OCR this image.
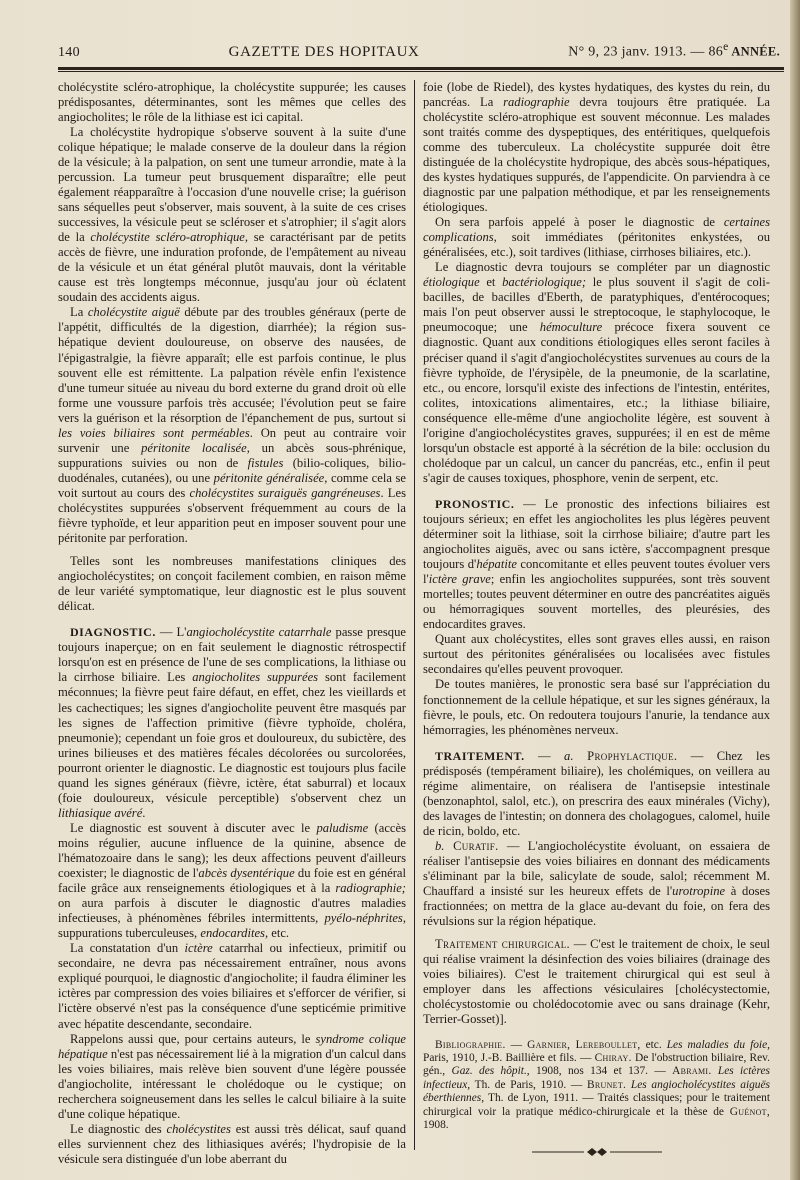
140	GAZETTE DES HOPITAUX	N° 9, 23 janv. 1913. — 86e ANNÉE.

cholécystite scléro-atrophique, la cholécystite suppurée; les causes prédisposantes, déterminantes, sont les mêmes que celles des angiocholites; le rôle de la lithiase est ici capital.

La cholécystite hydropique s'observe souvent à la suite d'une colique hépatique; le malade conserve de la douleur dans la région de la vésicule; à la palpation, on sent une tumeur arrondie, mate à la percussion. La tumeur peut brusquement disparaître; elle peut également réapparaître à l'occasion d'une nouvelle crise; la guérison sans séquelles peut s'observer, mais souvent, à la suite de ces crises successives, la vésicule peut se scléroser et s'atrophier; il s'agit alors de la cholécystite scléro-atrophique, se caractérisant par de petits accès de fièvre, une induration profonde, de l'empâtement au niveau de la vésicule et un état général plutôt mauvais, dont la véritable cause est très longtemps méconnue, jusqu'au jour où éclatent soudain des accidents aigus.

La cholécystite aiguë débute par des troubles généraux (perte de l'appétit, difficultés de la digestion, diarrhée); la région sus-hépatique devient douloureuse, on observe des nausées, de l'épigastralgie, la fièvre apparaît; elle est parfois continue, le plus souvent elle est rémittente. La palpation révèle enfin l'existence d'une tumeur située au niveau du bord externe du grand droit où elle forme une voussure parfois très accusée; l'évolution peut se faire vers la guérison et la résorption de l'épanchement de pus, surtout si les voies biliaires sont perméables. On peut au contraire voir survenir une péritonite localisée, un abcès sous-phrénique, suppurations suivies ou non de fistules (bilio-coliques, bilio-duodénales, cutanées), ou une péritonite généralisée, comme cela se voit surtout au cours des cholécystites suraiguës gangréneuses. Les cholécystites suppurées s'observent fréquemment au cours de la fièvre typhoïde, et leur apparition peut en imposer souvent pour une péritonite par perforation.

Telles sont les nombreuses manifestations cliniques des angiocholécystites; on conçoit facilement combien, en raison même de leur variété symptomatique, leur diagnostic est le plus souvent délicat.

DIAGNOSTIC. — L'angiocholécystite catarrhale passe presque toujours inaperçue; on en fait seulement le diagnostic rétrospectif lorsqu'on est en présence de l'une de ses complications, la lithiase ou la cirrhose biliaire. Les angiocholites suppurées sont facilement méconnues; la fièvre peut faire défaut, en effet, chez les vieillards et les cachectiques; les signes d'angiocholite peuvent être masqués par les signes de l'affection primitive (fièvre typhoïde, choléra, pneumonie); cependant un foie gros et douloureux, du subictère, des urines bilieuses et des matières fécales décolorées ou surcolorées, pourront orienter le diagnostic. Le diagnostic est toujours plus facile quand les signes généraux (fièvre, ictère, état saburral) et locaux (foie douloureux, vésicule perceptible) s'observent chez un lithiasique avéré.

Le diagnostic est souvent à discuter avec le paludisme (accès moins régulier, aucune influence de la quinine, absence de l'hématozoaire dans le sang); les deux affections peuvent d'ailleurs coexister; le diagnostic de l'abcès dysentérique du foie est en général facile grâce aux renseignements étiologiques et à la radiographie; on aura parfois à discuter le diagnostic d'autres maladies infectieuses, à phénomènes fébriles intermittents, pyélo-néphrites, suppurations tuberculeuses, endocardites, etc.

La constatation d'un ictère catarrhal ou infectieux, primitif ou secondaire, ne devra pas nécessairement entraîner, nous avons expliqué pourquoi, le diagnostic d'angiocholite; il faudra éliminer les ictères par compression des voies biliaires et s'efforcer de vérifier, si l'ictère observé n'est pas la conséquence d'une septicémie primitive avec hépatite descendante, secondaire.

Rappelons aussi que, pour certains auteurs, le syndrome colique hépatique n'est pas nécessairement lié à la migration d'un calcul dans les voies biliaires, mais relève bien souvent d'une légère poussée d'angiocholite, intéressant le cholédoque ou le cystique; on recherchera soigneusement dans les selles le calcul biliaire à la suite d'une colique hépatique.

Le diagnostic des cholécystites est aussi très délicat, sauf quand elles surviennent chez des lithiasiques avérés; l'hydropisie de la vésicule sera distinguée d'un lobe aberrant du

foie (lobe de Riedel), des kystes hydatiques, des kystes du rein, du pancréas. La radiographie devra toujours être pratiquée. La cholécystite scléro-atrophique est souvent méconnue. Les malades sont traités comme des dyspeptiques, des entéritiques, quelquefois comme des tuberculeux. La cholécystite suppurée doit être distinguée de la cholécystite hydropique, des abcès sous-hépatiques, des kystes hydatiques suppurés, de l'appendicite. On parviendra à ce diagnostic par une palpation méthodique, et par les renseignements étiologiques.

On sera parfois appelé à poser le diagnostic de certaines complications, soit immédiates (péritonites enkystées, ou généralisées, etc.), soit tardives (lithiase, cirrhoses biliaires, etc.).

Le diagnostic devra toujours se compléter par un diagnostic étiologique et bactériologique; le plus souvent il s'agit de coli-bacilles, de bacilles d'Eberth, de paratyphiques, d'entérocoques; mais l'on peut observer aussi le streptocoque, le staphylocoque, le pneumocoque; une hémoculture précoce fixera souvent ce diagnostic. Quant aux conditions étiologiques elles seront faciles à préciser quand il s'agit d'angiocholécystites survenues au cours de la fièvre typhoïde, de l'érysipèle, de la pneumonie, de la scarlatine, etc., ou encore, lorsqu'il existe des infections de l'intestin, entérites, colites, intoxications alimentaires, etc.; la lithiase biliaire, conséquence elle-même d'une angiocholite légère, est souvent à l'origine d'angiocholécystites graves, suppurées; il en est de même lorsqu'un obstacle est apporté à la sécrétion de la bile: occlusion du cholédoque par un calcul, un cancer du pancréas, etc., enfin il peut s'agir de causes toxiques, phosphore, venin de serpent, etc.

PRONOSTIC. — Le pronostic des infections biliaires est toujours sérieux; en effet les angiocholites les plus légères peuvent déterminer soit la lithiase, soit la cirrhose biliaire; d'autre part les angiocholites aiguës, avec ou sans ictère, s'accompagnent presque toujours d'hépatite concomitante et elles peuvent toutes évoluer vers l'ictère grave; enfin les angiocholites suppurées, sont très souvent mortelles; toutes peuvent déterminer en outre des pancréatites aiguës ou hémorragiques souvent mortelles, des pleurésies, des endocardites graves.

Quant aux cholécystites, elles sont graves elles aussi, en raison surtout des péritonites généralisées ou localisées avec fistules secondaires qu'elles peuvent provoquer.

De toutes manières, le pronostic sera basé sur l'appréciation du fonctionnement de la cellule hépatique, et sur les signes généraux, la fièvre, le pouls, etc. On redoutera toujours l'anurie, la tendance aux hémorragies, les phénomènes nerveux.

TRAITEMENT. — a. Prophylactique. — Chez les prédisposés (tempérament biliaire), les cholémiques, on veillera au régime alimentaire, on réalisera de l'antisepsie intestinale (benzonaphtol, salol, etc.), on prescrira des eaux minérales (Vichy), des lavages de l'intestin; on donnera des cholagogues, calomel, huile de ricin, boldo, etc.

b. Curatif. — L'angiocholécystite évoluant, on essaiera de réaliser l'antisepsie des voies biliaires en donnant des médicaments s'éliminant par la bile, salicylate de soude, salol; récemment M. Chauffard a insisté sur les heureux effets de l'urotropine à doses fractionnées; on mettra de la glace au-devant du foie, on fera des révulsions sur la région hépatique.

Traitement chirurgical. — C'est le traitement de choix, le seul qui réalise vraiment la désinfection des voies biliaires (drainage des voies biliaires). C'est le traitement chirurgical qui est seul à employer dans les affections vésiculaires [cholécystectomie, cholécystostomie ou cholédocotomie avec ou sans drainage (Kehr, Terrier-Gosset)].

Bibliographie. — Garnier, Lereboullet, etc. Les maladies du foie, Paris, 1910, J.-B. Baillière et fils. — Chiray. De l'obstruction biliaire, Rev. gén., Gaz. des hôpit., 1908, nos 134 et 137. — Abrami. Les ictères infectieux, Th. de Paris, 1910. — Brunet. Les angiocholécystites aiguës éberthiennes, Th. de Lyon, 1911. — Traités classiques; pour le traitement chirurgical voir la pratique médico-chirurgicale et la thèse de Guénot, 1908.
